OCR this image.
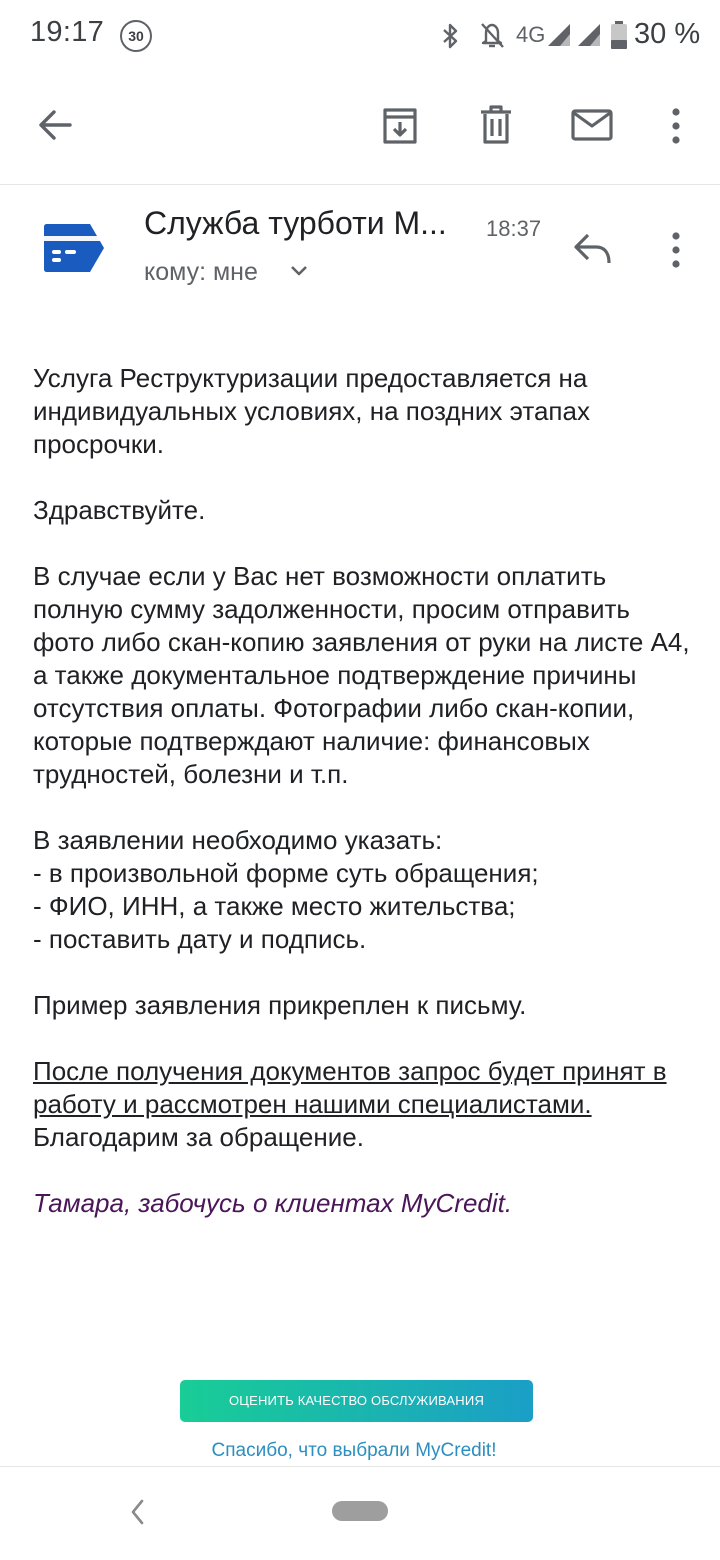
19:17	30	4G	30 %
Служба турботи М... 18:37
кому: мне

Услуга Реструктуризации предоставляется на индивидуальных условиях, на поздних этапах просрочки.

Здравствуйте.

В случае если у Вас нет возможности оплатить полную сумму задолженности, просим отправить фото либо скан-копию заявления от руки на листе А4, а также документальное подтверждение причины отсутствия оплаты. Фотографии либо скан-копии, которые подтверждают наличие: финансовых трудностей, болезни и т.п.

В заявлении необходимо указать:

- в произвольной форме суть обращения;

- ФИО, ИНН, а также место жительства;

- поставить дату и подпись.

Пример заявления прикреплен к письму.

После получения документов запрос будет принят в работу и рассмотрен нашими специалистами.

Благодарим за обращение.

Тамара, забочусь о клиентах MyCredit.

ОЦЕНИТЬ КАЧЕСТВО ОБСЛУЖИВАНИЯ
Спасибо, что выбрали MyCredit!
